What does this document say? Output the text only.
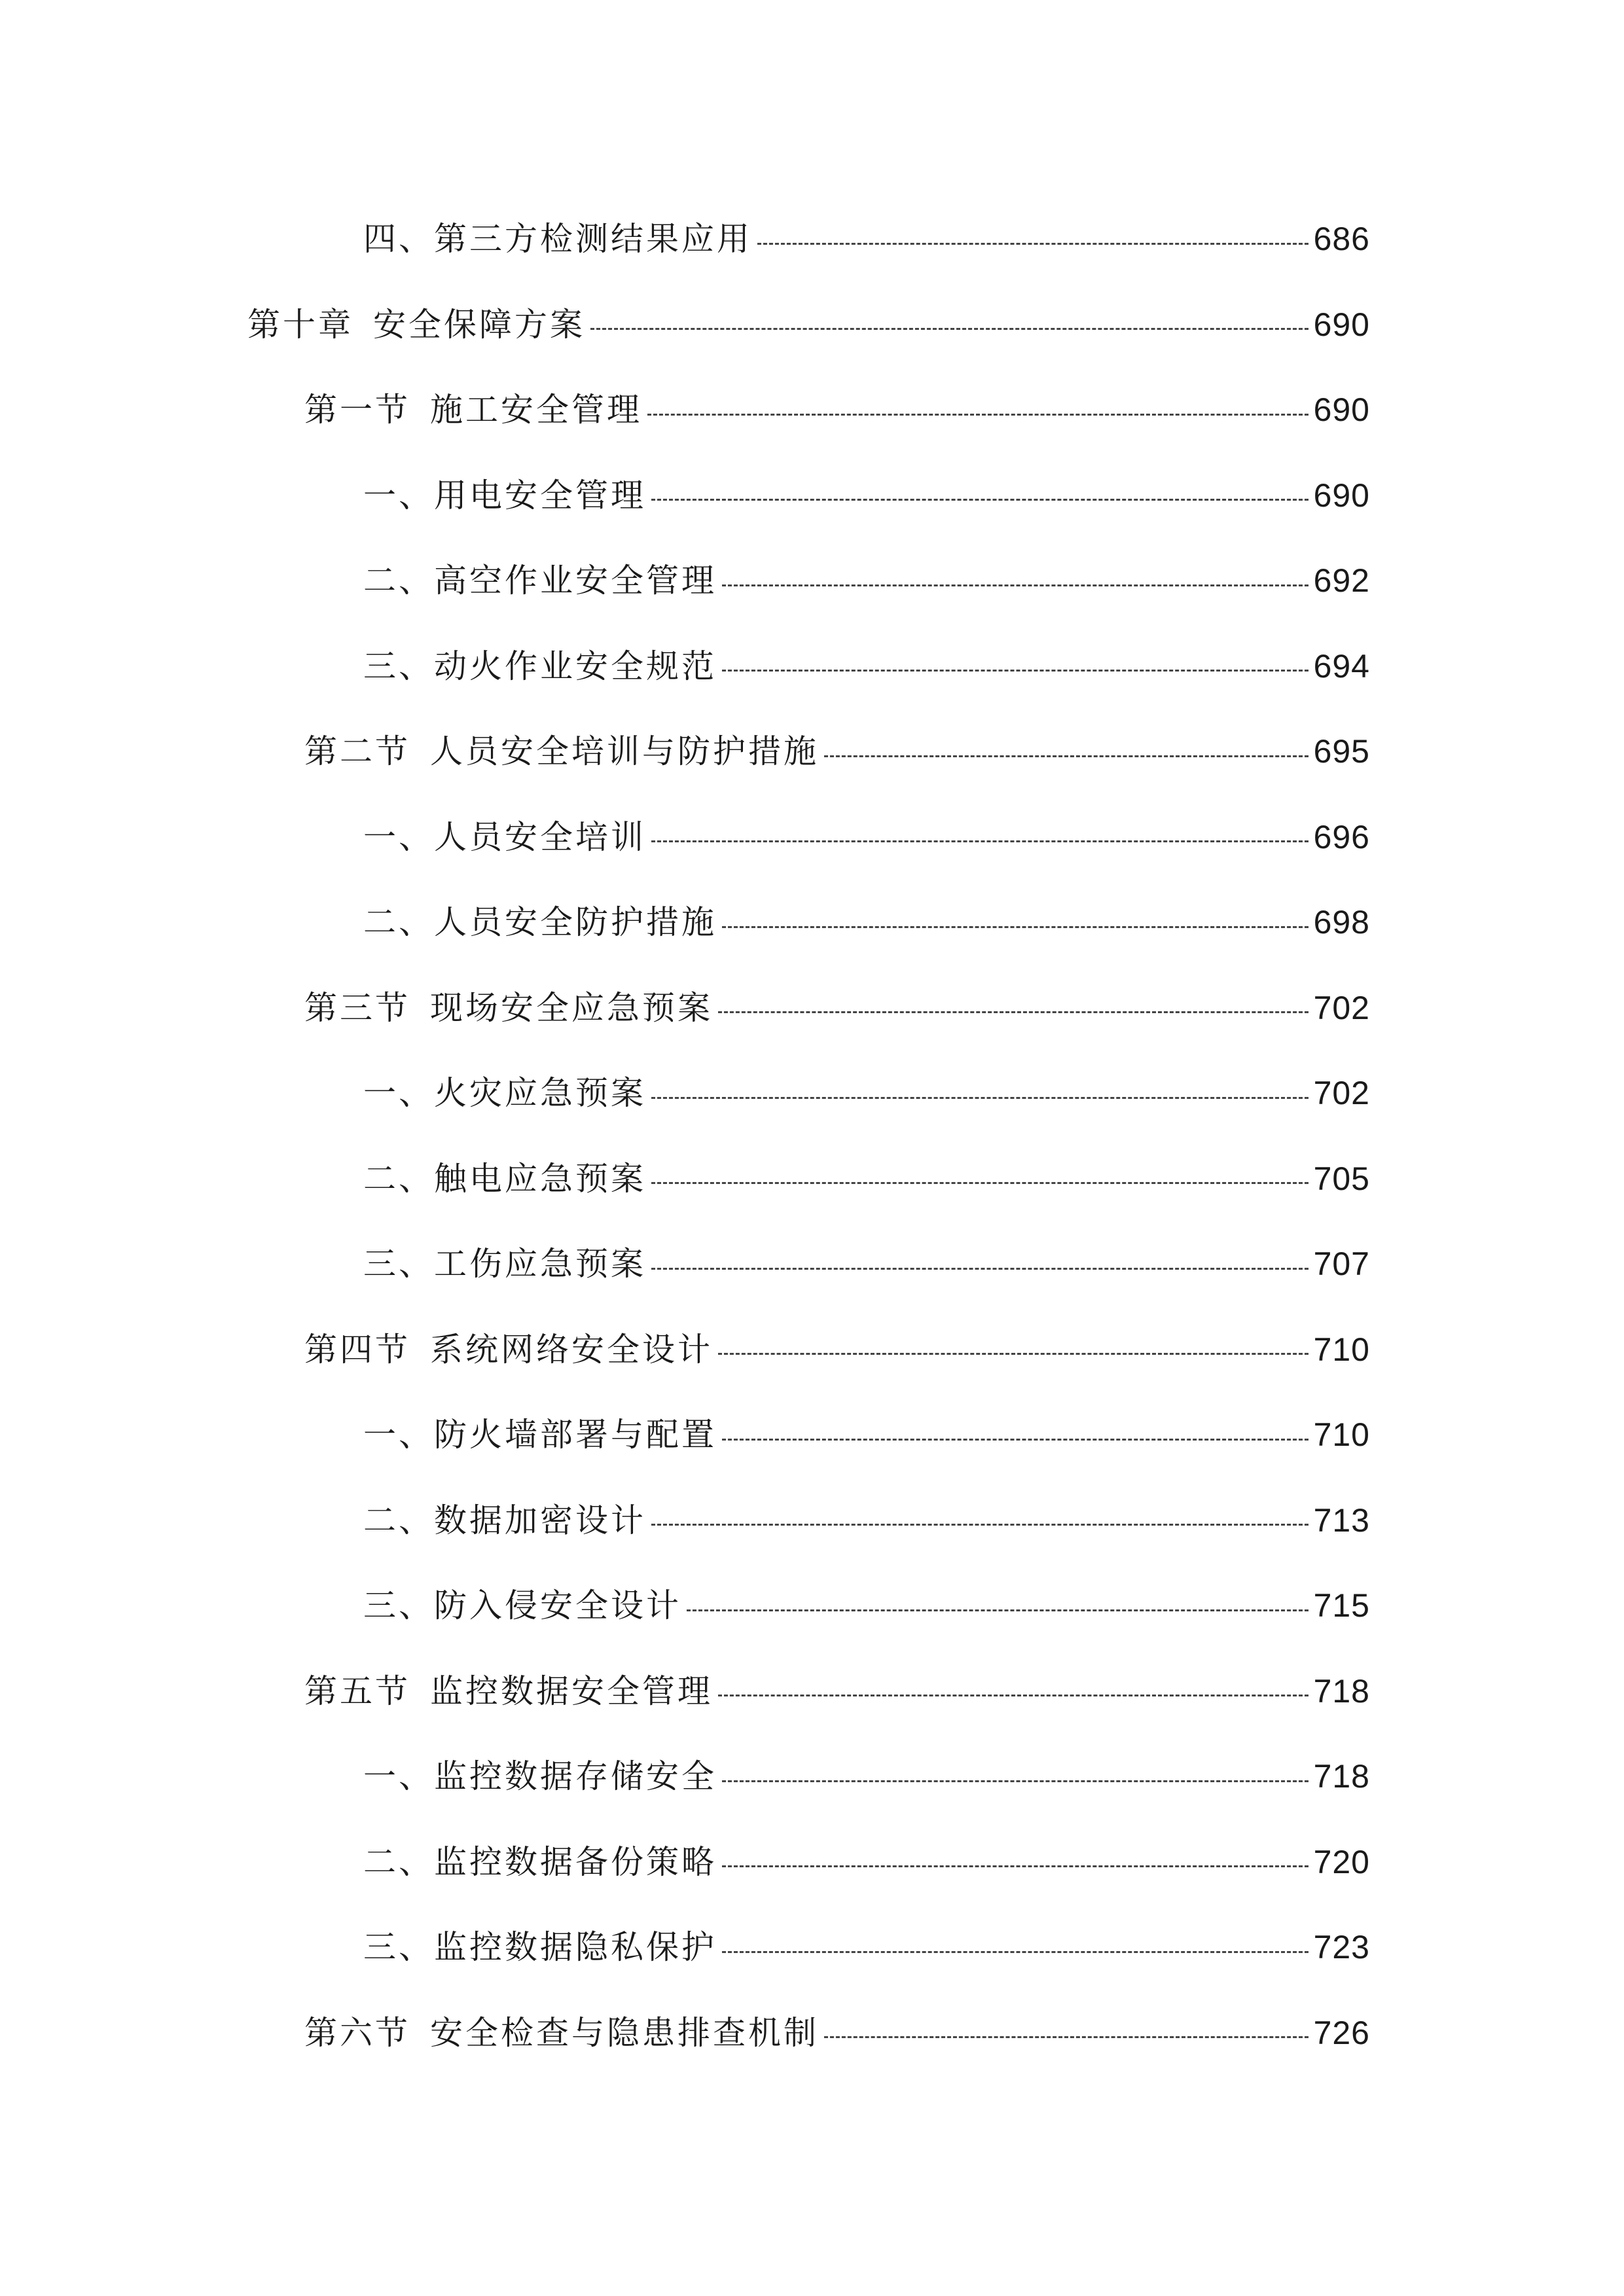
四、第三方检测结果应用	686
第十章 安全保障方案	690
第一节 施工安全管理	690
一、用电安全管理	690
二、高空作业安全管理	692
三、动火作业安全规范	694
第二节 人员安全培训与防护措施	695
一、人员安全培训	696
二、人员安全防护措施	698
第三节 现场安全应急预案	702
一、火灾应急预案	702
二、触电应急预案	705
三、工伤应急预案	707
第四节 系统网络安全设计	710
一、防火墙部署与配置	710
二、数据加密设计	713
三、防入侵安全设计	715
第五节 监控数据安全管理	718
一、监控数据存储安全	718
二、监控数据备份策略	720
三、监控数据隐私保护	723
第六节 安全检查与隐患排查机制	726
